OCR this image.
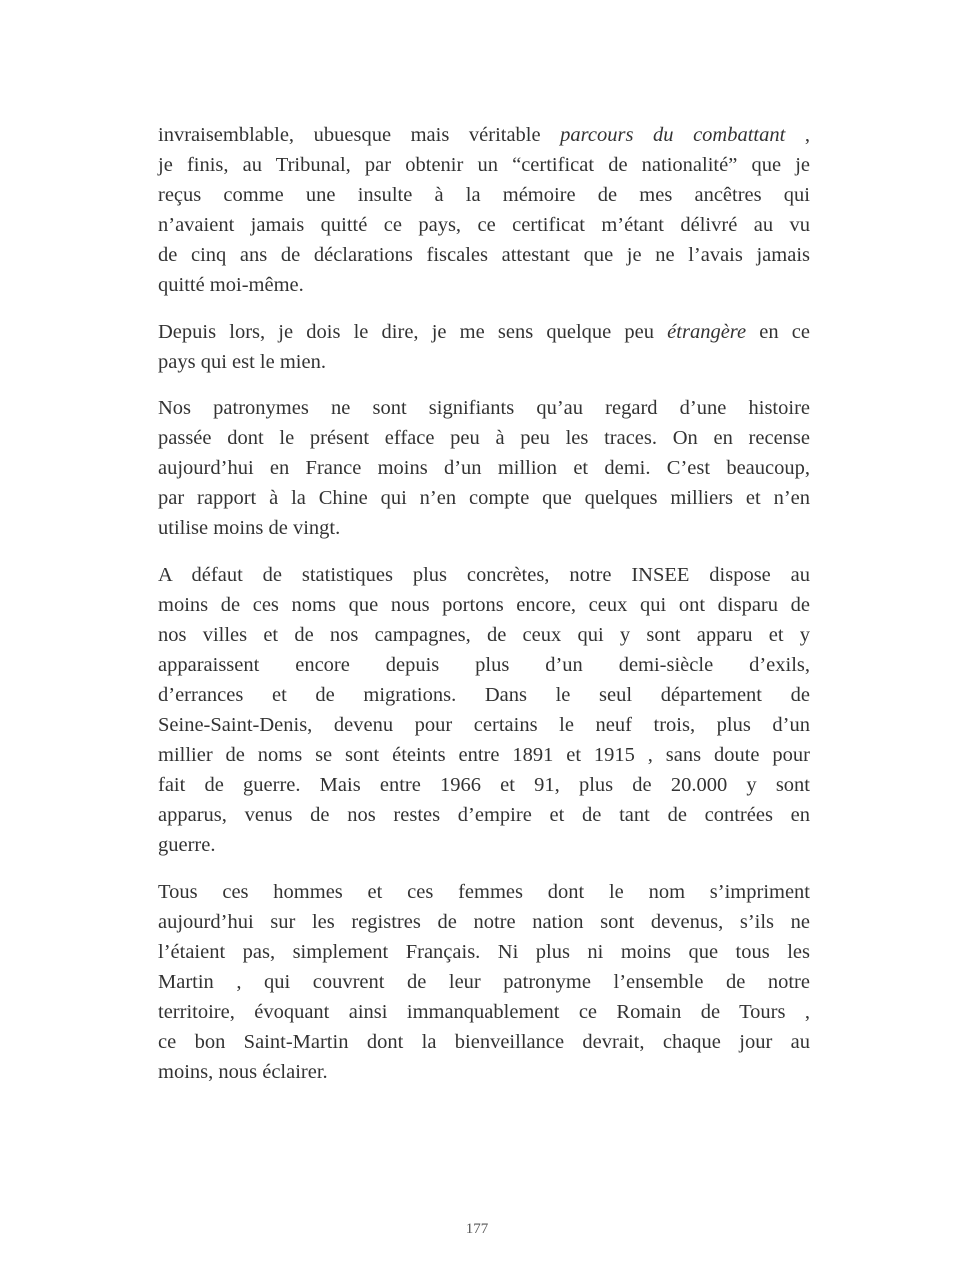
invraisemblable, ubuesque mais véritable parcours du combattant ,
je finis, au Tribunal, par obtenir un “certificat de nationalité” que je
reçus comme une insulte à la mémoire de mes ancêtres qui
n’avaient jamais quitté ce pays, ce certificat m’étant délivré au vu
de cinq ans de déclarations fiscales attestant que je ne l’avais jamais
quitté moi-même.
Depuis lors, je dois le dire, je me sens quelque peu étrangère en ce
pays qui est le mien.
Nos patronymes ne sont signifiants qu’au regard d’une histoire
passée dont le présent efface peu à peu les traces. On en recense
aujourd’hui en France moins d’un million et demi. C’est beaucoup,
par rapport à la Chine qui n’en compte que quelques milliers et n’en
utilise moins de vingt.
A défaut de statistiques plus concrètes, notre INSEE dispose au
moins de ces noms que nous portons encore, ceux qui ont disparu de
nos villes et de nos campagnes, de ceux qui y sont apparu et y
apparaissent encore depuis plus d’un demi-siècle d’exils,
d’errances et de migrations. Dans le seul département de
Seine-Saint-Denis, devenu pour certains le neuf trois, plus d’un
millier de noms se sont éteints entre 1891 et 1915 , sans doute pour
fait de guerre. Mais entre 1966 et 91, plus de 20.000 y sont
apparus, venus de nos restes d’empire et de tant de contrées en
guerre.
Tous ces hommes et ces femmes dont le nom s’impriment
aujourd’hui sur les registres de notre nation sont devenus, s’ils ne
l’étaient pas, simplement Français. Ni plus ni moins que tous les
Martin , qui couvrent de leur patronyme l’ensemble de notre
territoire, évoquant ainsi immanquablement ce Romain de Tours ,
ce bon Saint-Martin dont la bienveillance devrait, chaque jour au
moins, nous éclairer.
177
